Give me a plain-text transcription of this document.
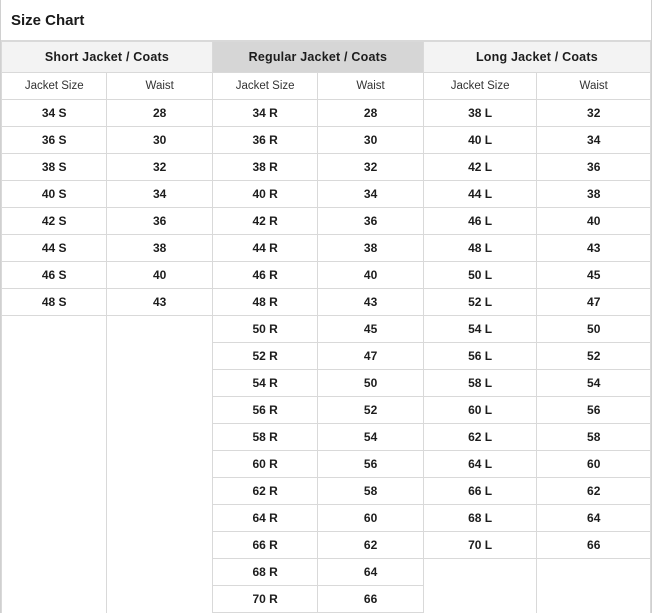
Size Chart
Short Jacket / Coats		Regular Jacket / Coats		Long Jacket / Coats	
Jacket Size	Waist	Jacket Size	Waist	Jacket Size	Waist
34 S	28	34 R	28	38 L	32
36 S	30	36 R	30	40 L	34
38 S	32	38 R	32	42 L	36
40 S	34	40 R	34	44 L	38
42 S	36	42 R	36	46 L	40
44 S	38	44 R	38	48 L	43
46 S	40	46 R	40	50 L	45
48 S	43	48 R	43	52 L	47
		50 R	45	54 L	50
		52 R	47	56 L	52
		54 R	50	58 L	54
		56 R	52	60 L	56
		58 R	54	62 L	58
		60 R	56	64 L	60
		62 R	58	66 L	62
		64 R	60	68 L	64
		66 R	62	70 L	66
		68 R	64		
		70 R	66		
